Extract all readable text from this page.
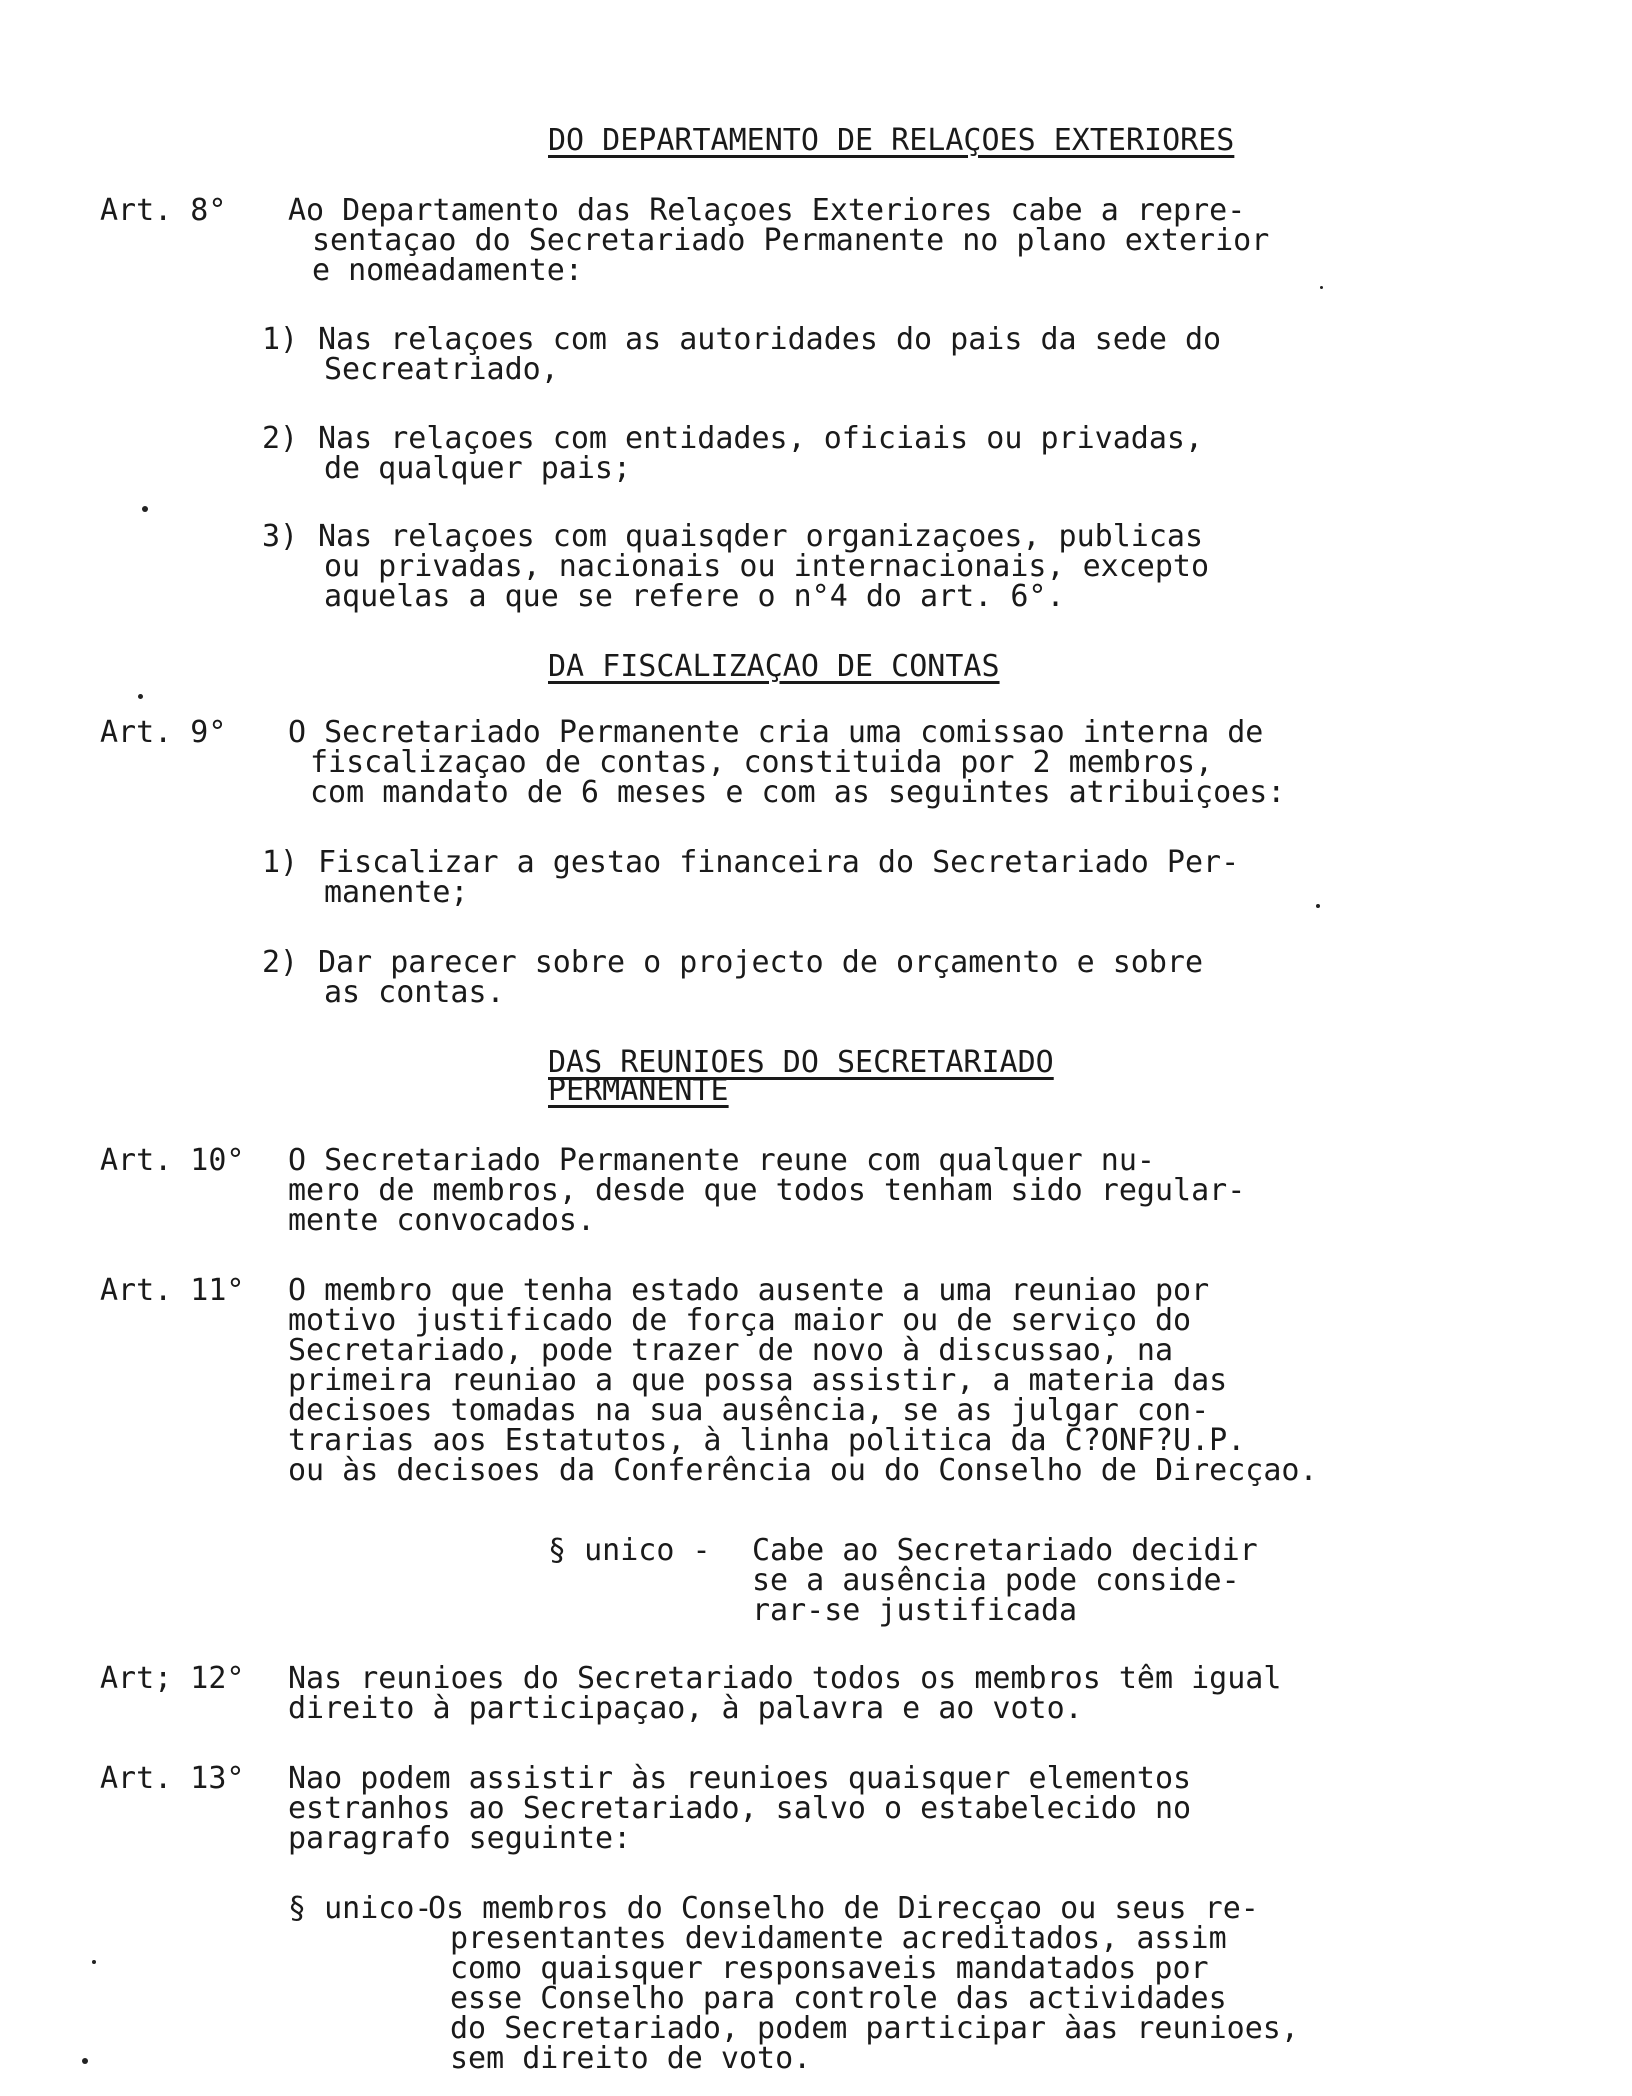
DO DEPARTAMENTO DE RELAÇOES EXTERIORES
Art. 8° Ao Departamento das Relaçoes Exteriores cabe a repre-
sentaçao do Secretariado Permanente no plano exterior
e nomeadamente:
1) Nas relaçoes com as autoridades do pais da sede do
Secreatriado,
2) Nas relaçoes com entidades, oficiais ou privadas,
de qualquer pais;
3) Nas relaçoes com quaisqder organizaçoes, publicas
ou privadas, nacionais ou internacionais, excepto
aquelas a que se refere o n°4 do art. 6°.
DA FISCALIZAÇAO DE CONTAS
Art. 9° O Secretariado Permanente cria uma comissao interna de
fiscalizaçao de contas, constituida por 2 membros,
com mandato de 6 meses e com as seguintes atribuiçoes:
1) Fiscalizar a gestao financeira do Secretariado Per-
manente;
2) Dar parecer sobre o projecto de orçamento e sobre
as contas.
DAS REUNIOES DO SECRETARIADO
PERMANENTE
Art. 10° O Secretariado Permanente reune com qualquer nu-
mero de membros, desde que todos tenham sido regular-
mente convocados.
Art. 11° O membro que tenha estado ausente a uma reuniao por
motivo justificado de força maior ou de serviço do
Secretariado, pode trazer de novo à discussao, na
primeira reuniao a que possa assistir, a materia das
decisoes tomadas na sua ausência, se as julgar con-
trarias aos Estatutos, à linha politica da C?ONF?U.P.
ou às decisoes da Conferência ou do Conselho de Direcçao.
§ unico - Cabe ao Secretariado decidir
se a ausência pode conside-
rar-se justificada
Art; 12° Nas reunioes do Secretariado todos os membros têm igual
direito à participaçao, à palavra e ao voto.
Art. 13° Nao podem assistir às reunioes quaisquer elementos
estranhos ao Secretariado, salvo o estabelecido no
paragrafo seguinte:
§ unico-
Os membros do Conselho de Direcçao ou seus re-
presentantes devidamente acreditados, assim
como quaisquer responsaveis mandatados por
esse Conselho para controle das actividades
do Secretariado, podem participar àas reunioes,
sem direito de voto.
